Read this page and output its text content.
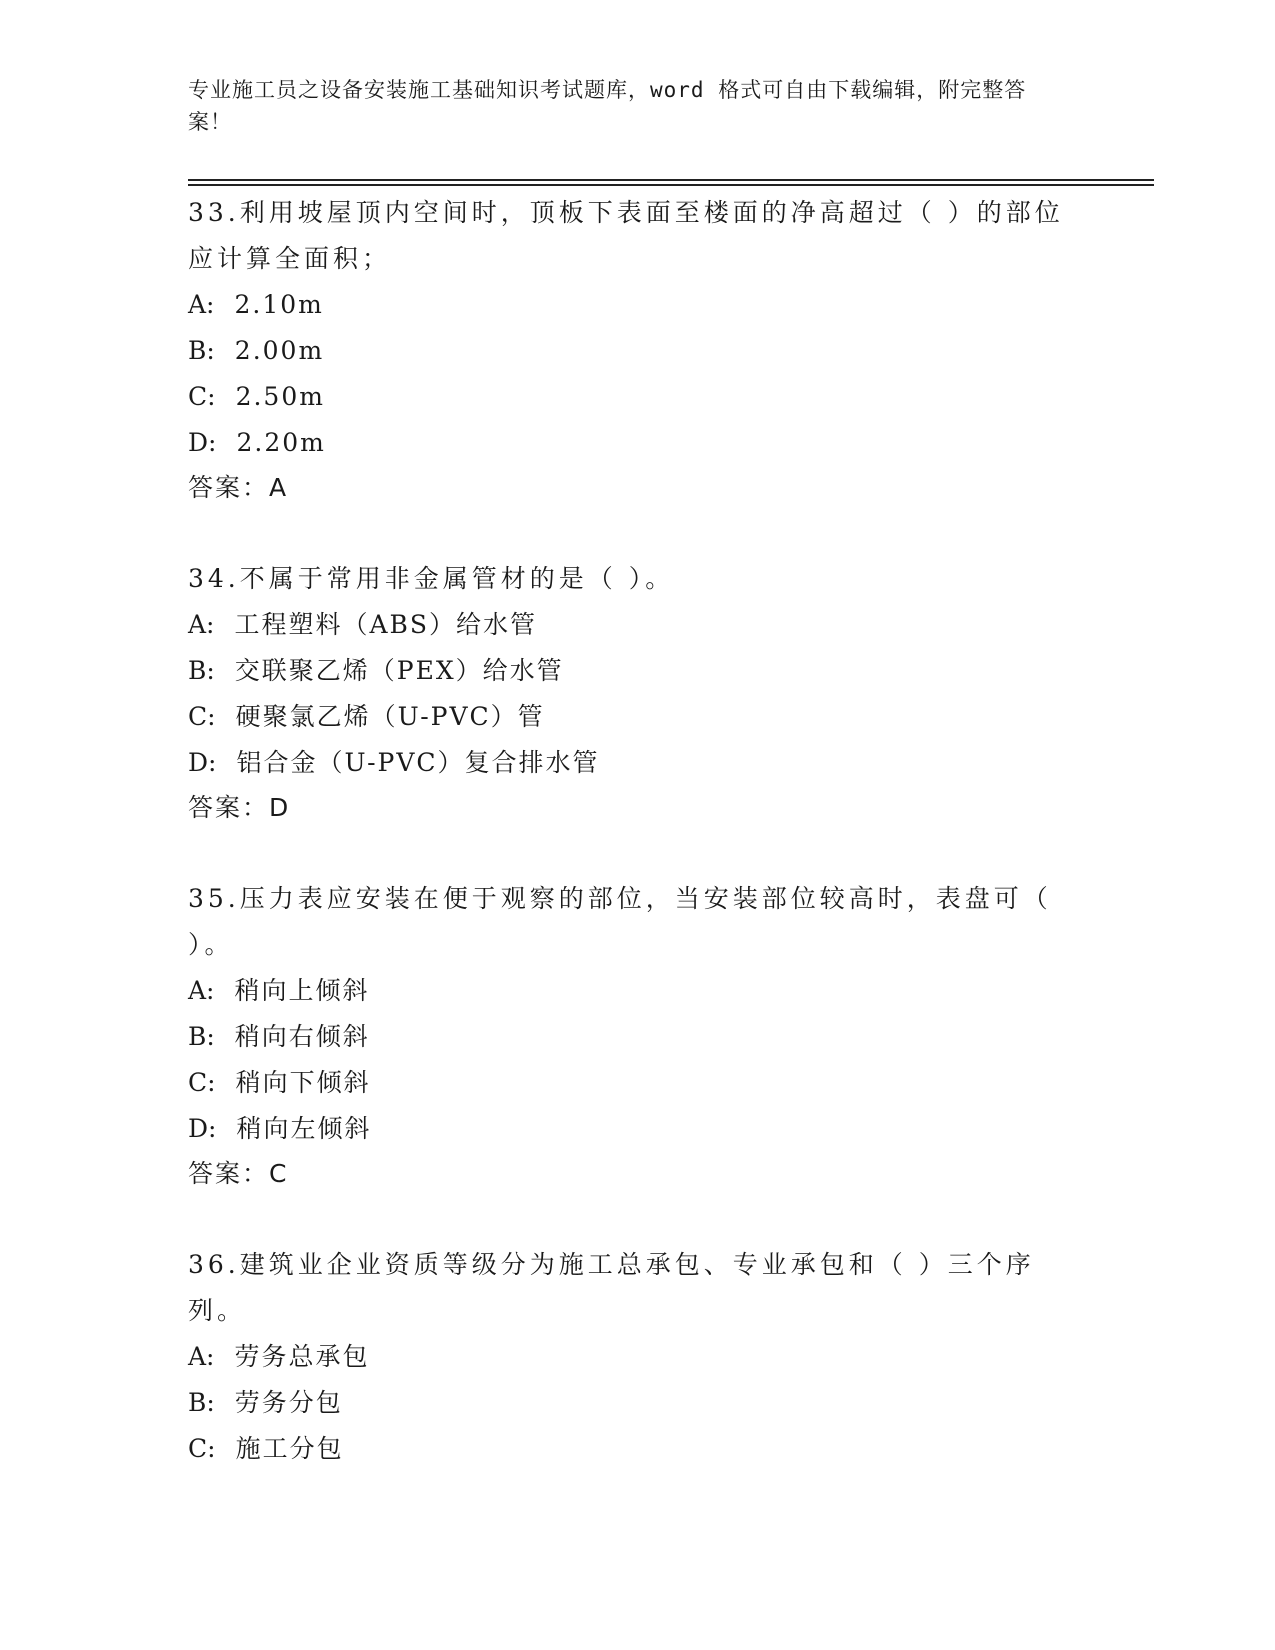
专业施工员之设备安装施工基础知识考试题库，word 格式可自由下载编辑，附完整答案！

33.利用坡屋顶内空间时，顶板下表面至楼面的净高超过（ ）的部位应计算全面积；

A: 2.10m

B: 2.00m

C: 2.50m

D: 2.20m

答案：A

34.不属于常用非金属管材的是（ ）。

A: 工程塑料（ABS）给水管

B: 交联聚乙烯（PEX）给水管

C: 硬聚氯乙烯（U-PVC）管

D: 铝合金（U-PVC）复合排水管

答案：D

35.压力表应安装在便于观察的部位，当安装部位较高时，表盘可（ ）。

A: 稍向上倾斜

B: 稍向右倾斜

C: 稍向下倾斜

D: 稍向左倾斜

答案：C

36.建筑业企业资质等级分为施工总承包、专业承包和（ ）三个序列。

A: 劳务总承包

B: 劳务分包

C: 施工分包
